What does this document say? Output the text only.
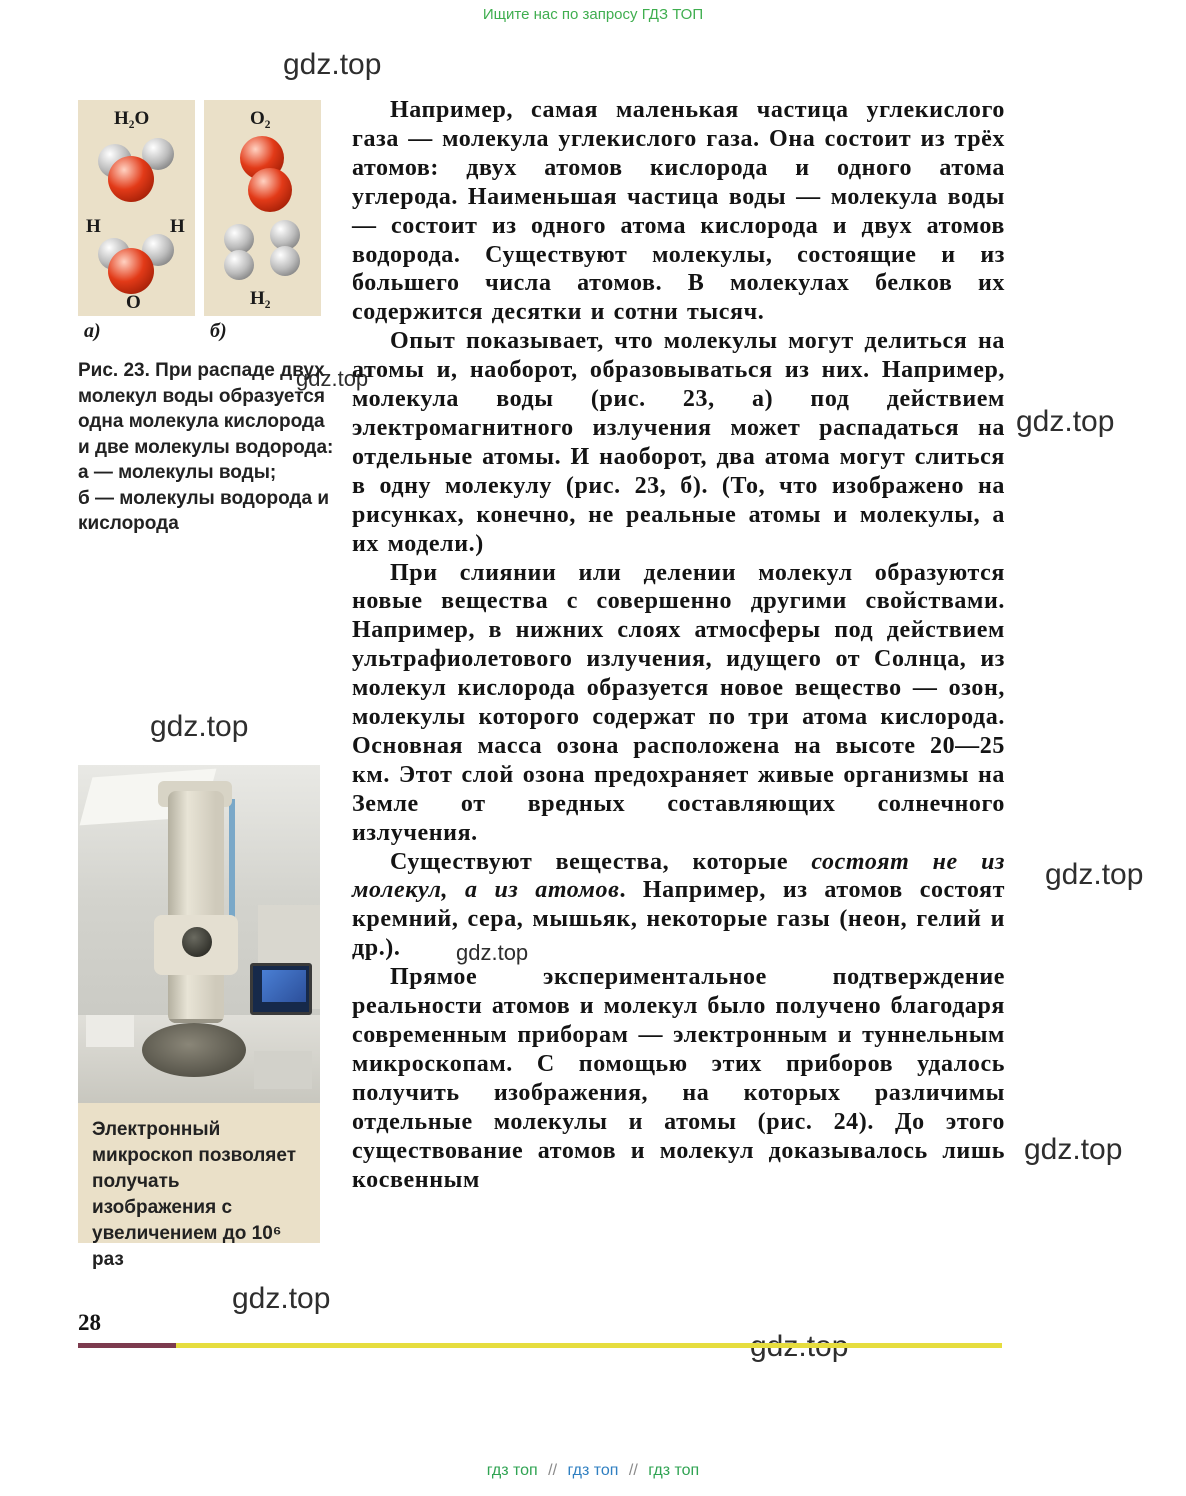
Ищите нас по запросу ГДЗ ТОП
gdz.top
gdz.top
gdz.top
gdz.top
gdz.top
gdz.top
gdz.top
gdz.top
H₂O
H	H
O
O₂
H₂
а)	б)

Рис. 23. При распаде двух молекул воды образуется одна молекула кислорода и две молекулы водорода:

а — молекулы воды;

б — молекулы водорода и кислорода

Электронный микроскоп позволяет получать изображения с увеличением до 10⁶ раз

Например, самая маленькая частица углекислого газа — молекула углекислого газа. Она состоит из трёх атомов: двух атомов кислорода и одного атома углерода. Наименьшая частица воды — молекула воды — состоит из одного атома кислорода и двух атомов водорода. Существуют молекулы, состоящие и из большего числа атомов. В молекулах белков их содержится десятки и сотни тысяч.

Опыт показывает, что молекулы могут делиться на атомы и, наоборот, образовываться из них. Например, молекула воды (рис. 23, а) под действием электромагнитного излучения может распадаться на отдельные атомы. И наоборот, два атома могут слиться в одну молекулу (рис. 23, б). (То, что изображено на рисунках, конечно, не реальные атомы и молекулы, а их модели.)

При слиянии или делении молекул образуются новые вещества с совершенно другими свойствами. Например, в нижних слоях атмосферы под действием ультрафиолетового излучения, идущего от Солнца, из молекул кислорода образуется новое вещество — озон, молекулы которого содержат по три атома кислорода. Основная масса озона расположена на высоте 20—25 км. Этот слой озона предохраняет живые организмы на Земле от вредных составляющих солнечного излучения.

Существуют вещества, которые состоят не из молекул, а из атомов. Например, из атомов состоят кремний, сера, мышьяк, некоторые газы (неон, гелий и др.).

Прямое экспериментальное подтверждение реальности атомов и молекул было получено благодаря современным приборам — электронным и туннельным микроскопам. С помощью этих приборов удалось получить изображения, на которых различимы отдельные молекулы и атомы (рис. 24). До этого существование атомов и молекул доказывалось лишь косвенным

28
гдз топ // гдз топ // гдз топ
